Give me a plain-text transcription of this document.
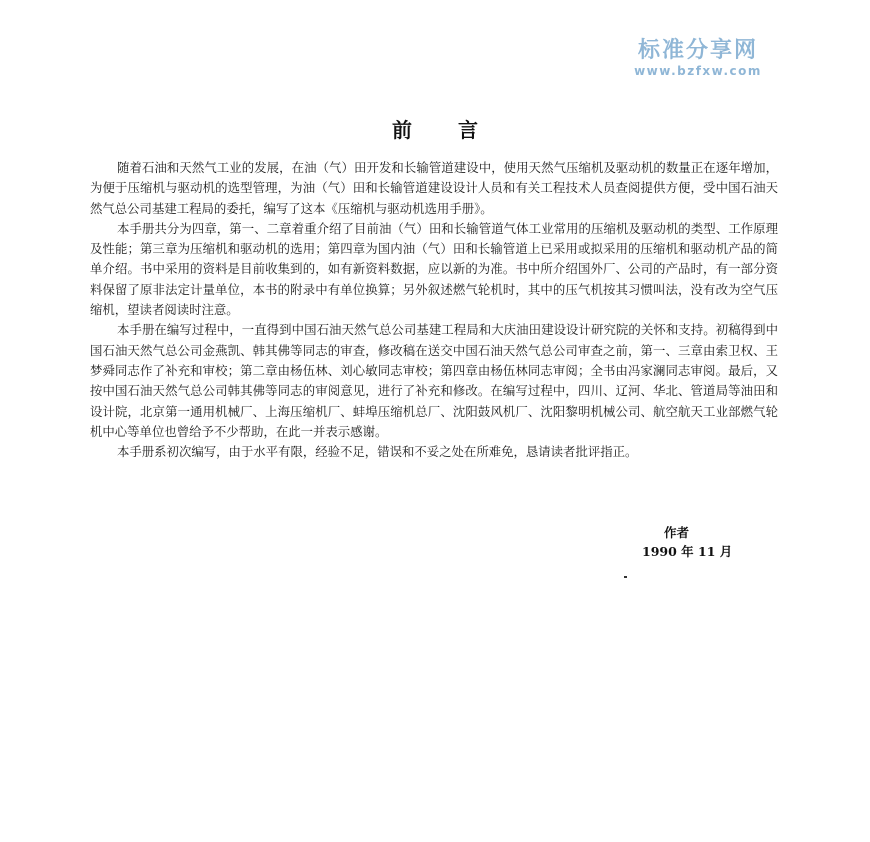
标准分享网
www.bzfxw.com
前言

随着石油和天然气工业的发展，在油（气）田开发和长输管道建设中，使用天然气压缩机及驱动机的数量正在逐年增加，为便于压缩机与驱动机的选型管理，为油（气）田和长输管道建设设计人员和有关工程技术人员查阅提供方便，受中国石油天然气总公司基建工程局的委托，编写了这本《压缩机与驱动机选用手册》。

本手册共分为四章，第一、二章着重介绍了目前油（气）田和长输管道气体工业常用的压缩机及驱动机的类型、工作原理及性能；第三章为压缩机和驱动机的选用；第四章为国内油（气）田和长输管道上已采用或拟采用的压缩机和驱动机产品的简单介绍。书中采用的资料是目前收集到的，如有新资料数据，应以新的为准。书中所介绍国外厂、公司的产品时，有一部分资料保留了原非法定计量单位，本书的附录中有单位换算；另外叙述燃气轮机时，其中的压气机按其习惯叫法，没有改为空气压缩机，望读者阅读时注意。

本手册在编写过程中，一直得到中国石油天然气总公司基建工程局和大庆油田建设设计研究院的关怀和支持。初稿得到中国石油天然气总公司金燕凯、韩其佛等同志的审查，修改稿在送交中国石油天然气总公司审查之前，第一、三章由索卫权、王梦舜同志作了补充和审校；第二章由杨伍林、刘心敏同志审校；第四章由杨伍林同志审阅；全书由冯家澜同志审阅。最后，又按中国石油天然气总公司韩其佛等同志的审阅意见，进行了补充和修改。在编写过程中，四川、辽河、华北、管道局等油田和设计院，北京第一通用机械厂、上海压缩机厂、蚌埠压缩机总厂、沈阳鼓风机厂、沈阳黎明机械公司、航空航天工业部燃气轮机中心等单位也曾给予不少帮助，在此一并表示感谢。

本手册系初次编写，由于水平有限，经验不足，错误和不妥之处在所难免，恳请读者批评指正。

作者
1990 年 11 月
